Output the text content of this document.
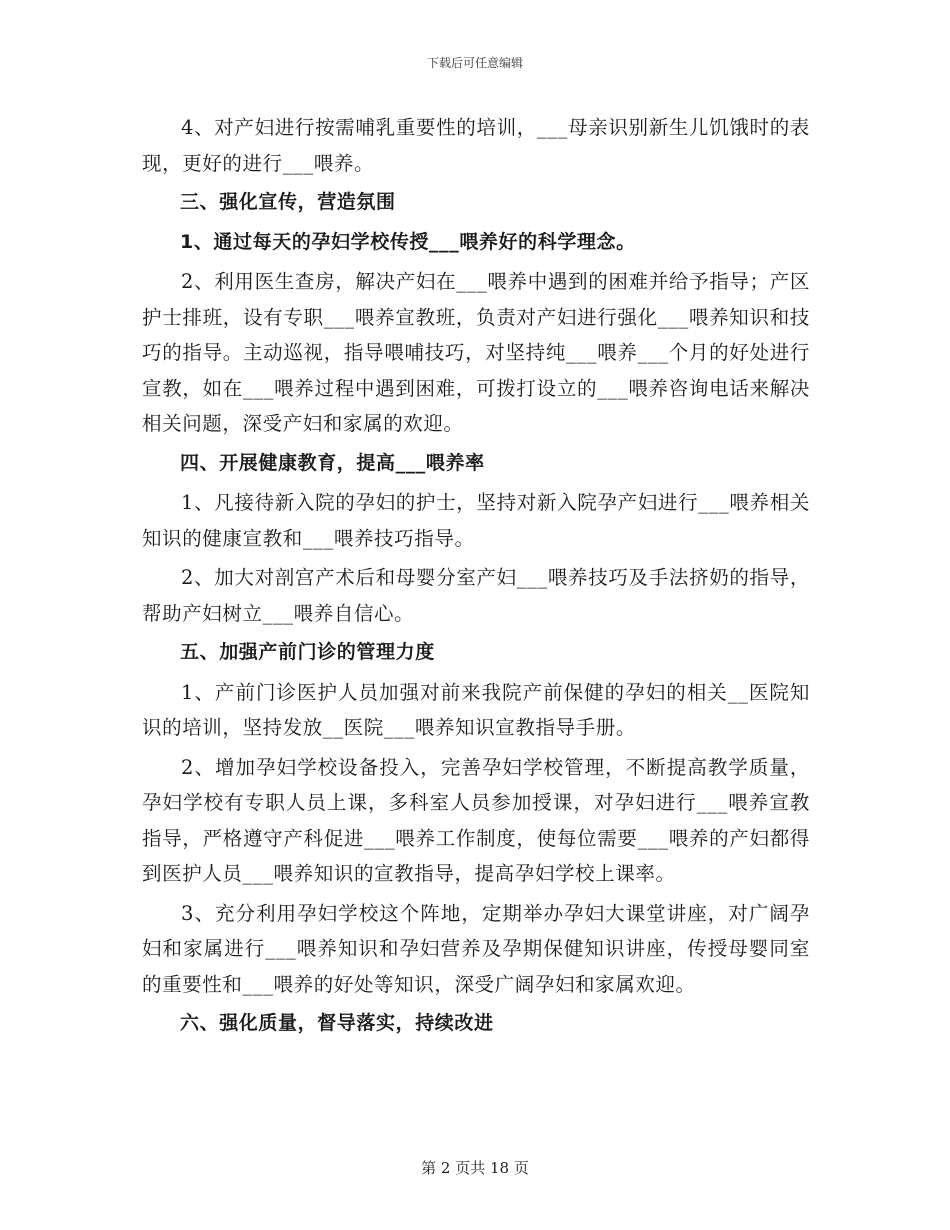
下载后可任意编辑

4、对产妇进行按需哺乳重要性的培训，___母亲识别新生儿饥饿时的表现，更好的进行___喂养。

三、强化宣传，营造氛围

1、通过每天的孕妇学校传授___喂养好的科学理念。

2、利用医生查房，解决产妇在___喂养中遇到的困难并给予指导；产区护士排班，设有专职___喂养宣教班，负责对产妇进行强化___喂养知识和技巧的指导。主动巡视，指导喂哺技巧，对坚持纯___喂养___个月的好处进行宣教，如在___喂养过程中遇到困难，可拨打设立的___喂养咨询电话来解决相关问题，深受产妇和家属的欢迎。

四、开展健康教育，提高___喂养率

1、凡接待新入院的孕妇的护士，坚持对新入院孕产妇进行___喂养相关知识的健康宣教和___喂养技巧指导。

2、加大对剖宫产术后和母婴分室产妇___喂养技巧及手法挤奶的指导，帮助产妇树立___喂养自信心。

五、加强产前门诊的管理力度

1、产前门诊医护人员加强对前来我院产前保健的孕妇的相关__医院知识的培训，坚持发放__医院___喂养知识宣教指导手册。

2、增加孕妇学校设备投入，完善孕妇学校管理，不断提高教学质量，孕妇学校有专职人员上课，多科室人员参加授课，对孕妇进行___喂养宣教指导，严格遵守产科促进___喂养工作制度，使每位需要___喂养的产妇都得到医护人员___喂养知识的宣教指导，提高孕妇学校上课率。

3、充分利用孕妇学校这个阵地，定期举办孕妇大课堂讲座，对广阔孕妇和家属进行___喂养知识和孕妇营养及孕期保健知识讲座，传授母婴同室的重要性和___喂养的好处等知识，深受广阔孕妇和家属欢迎。

六、强化质量，督导落实，持续改进

第 2 页共 18 页
